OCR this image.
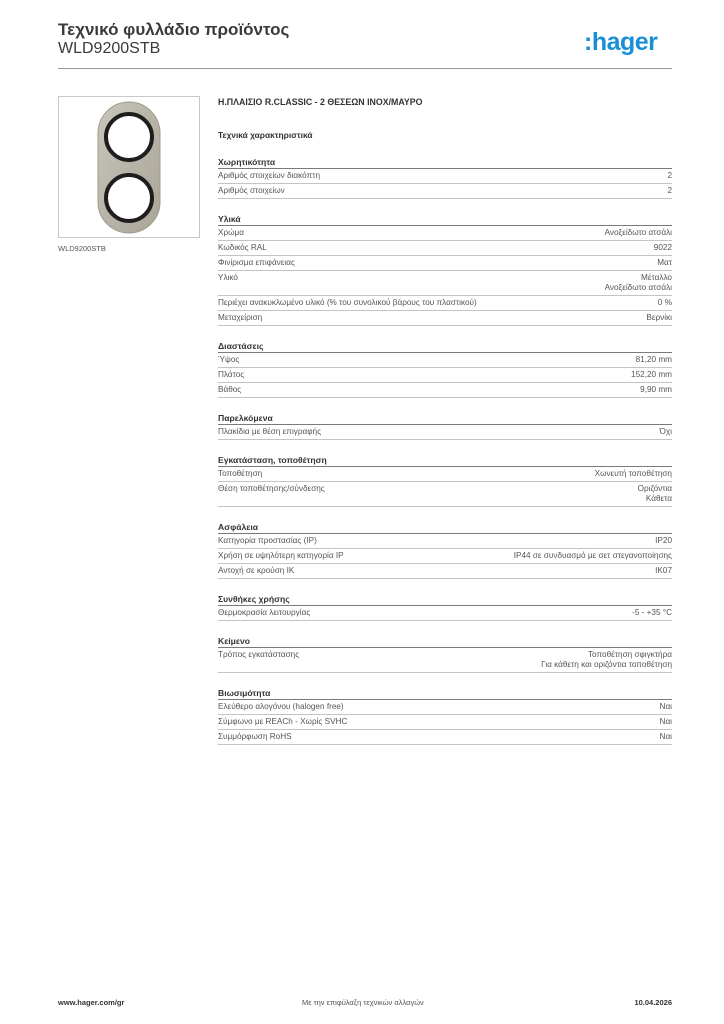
Τεχνικό φυλλάδιο προϊόντος
WLD9200STB	:hager
WLD9200STB
Η.ΠΛΑΙΣΙΟ R.CLASSIC - 2 ΘΕΣΕΩΝ INOX/ΜΑΥΡΟ
Τεχνικά χαρακτηριστικά
Χωρητικότητα
Αριθμός στοιχείων διακόπτη	2
Αριθμός στοιχείων	2
Υλικά
Χρώμα	Ανοξείδωτο ατσάλι
Κωδικός RAL	9022
Φινίρισμα επιφάνειας	Ματ
Υλικό	Μέταλλο
Ανοξείδωτο ατσάλι
Περιέχει ανακυκλωμένο υλικό (% του συνολικού βάρους του πλαστικού)	0 %
Μεταχείριση	Βερνίκι
Διαστάσεις
Ύψος	81,20 mm
Πλάτος	152,20 mm
Βάθος	9,90 mm
Παρελκόμενα
Πλακίδια με θέση επιγραφής	Όχι
Εγκατάσταση, τοποθέτηση
Τοποθέτηση	Χωνευτή τοποθέτηση
Θέση τοποθέτησης/σύνδεσης	Οριζόντια
Κάθετα
Ασφάλεια
Κατηγορία προστασίας (IP)	IP20
Χρήση σε υψηλότερη κατηγορία IP	IP44 σε συνδυασμό με σετ στεγανοποίησης
Αντοχή σε κρούση IK	IK07
Συνθήκες χρήσης
Θερμοκρασία λειτουργίας	-5 - +35 °C
Κείμενο
Τρόπος εγκατάστασης	Τοποθέτηση σφιγκτήρα
Για κάθετη και οριζόντια τοποθέτηση
Βιωσιμότητα
Ελεύθερο αλογόνου (halogen free)	Ναι
Σύμφωνο με REACh - Χωρίς SVHC	Ναι
Συμμόρφωση RoHS	Ναι
www.hager.com/gr	Με την επιφύλαξη τεχνικών αλλαγών	10.04.2026
